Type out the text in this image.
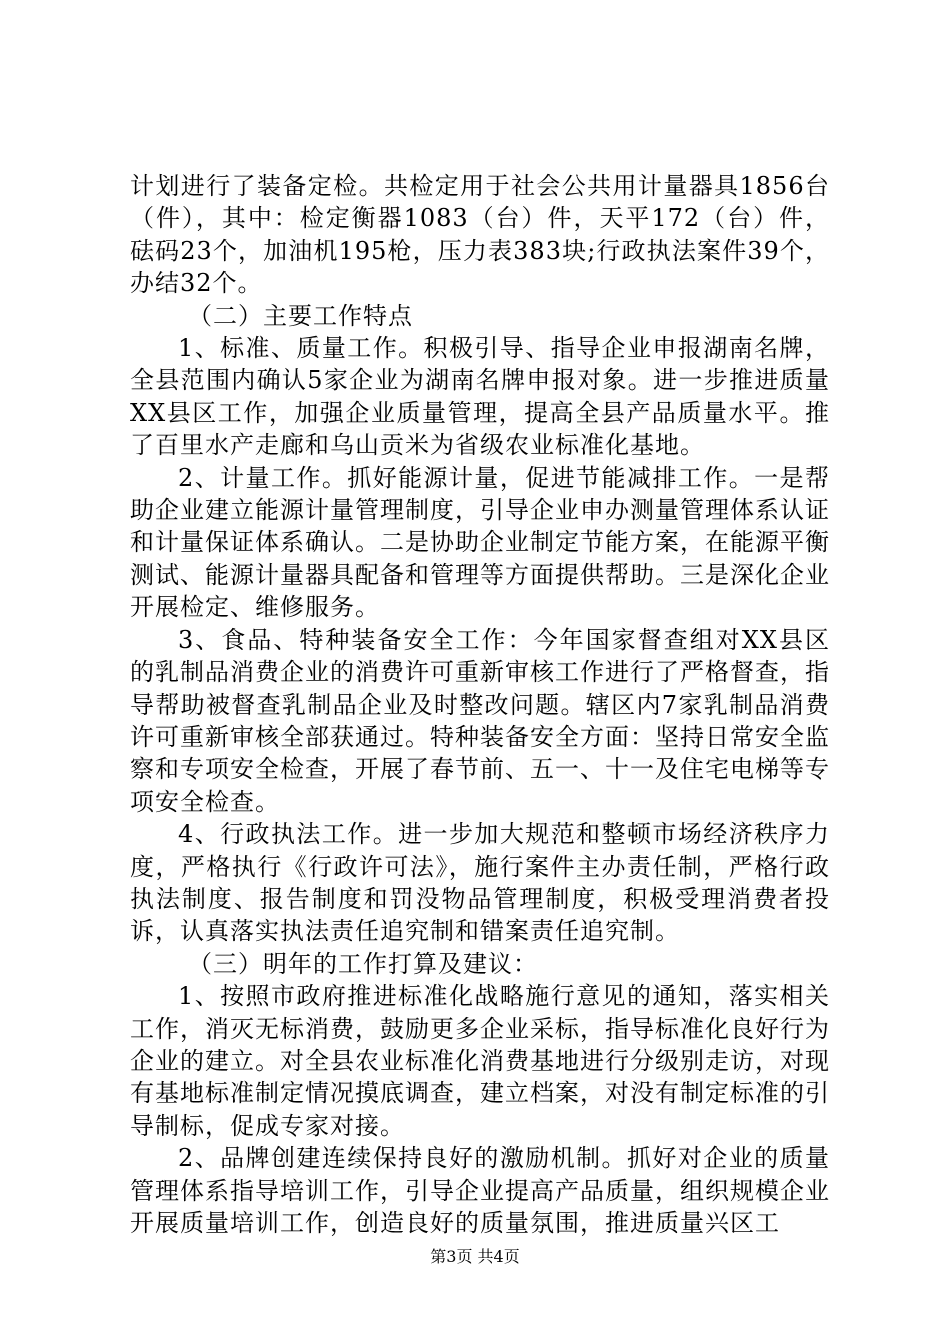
计划进行了装备定检。共检定用于社会公共用计量器具1856台（件），其中：检定衡器1083（台）件，天平172（台）件，砝码23个，加油机195枪，压力表383块;行政执法案件39个，办结32个。

（二）主要工作特点

1、标准、质量工作。积极引导、指导企业申报湖南名牌，全县范围内确认5家企业为湖南名牌申报对象。进一步推进质量XX县区工作，加强企业质量管理，提高全县产品质量水平。推了百里水产走廊和乌山贡米为省级农业标准化基地。

2、计量工作。抓好能源计量，促进节能减排工作。一是帮助企业建立能源计量管理制度，引导企业申办测量管理体系认证和计量保证体系确认。二是协助企业制定节能方案，在能源平衡测试、能源计量器具配备和管理等方面提供帮助。三是深化企业开展检定、维修服务。

3、食品、特种装备安全工作：今年国家督查组对XX县区的乳制品消费企业的消费许可重新审核工作进行了严格督查，指导帮助被督查乳制品企业及时整改问题。辖区内7家乳制品消费许可重新审核全部获通过。特种装备安全方面：坚持日常安全监察和专项安全检查，开展了春节前、五一、十一及住宅电梯等专项安全检查。

4、行政执法工作。进一步加大规范和整顿市场经济秩序力度，严格执行《行政许可法》，施行案件主办责任制，严格行政执法制度、报告制度和罚没物品管理制度，积极受理消费者投诉，认真落实执法责任追究制和错案责任追究制。

（三）明年的工作打算及建议：

1、按照市政府推进标准化战略施行意见的通知，落实相关工作，消灭无标消费，鼓励更多企业采标，指导标准化良好行为企业的建立。对全县农业标准化消费基地进行分级别走访，对现有基地标准制定情况摸底调查，建立档案，对没有制定标准的引导制标，促成专家对接。

2、品牌创建连续保持良好的激励机制。抓好对企业的质量管理体系指导培训工作，引导企业提高产品质量，组织规模企业开展质量培训工作，创造良好的质量氛围，推进质量兴区工

第3页 共4页
